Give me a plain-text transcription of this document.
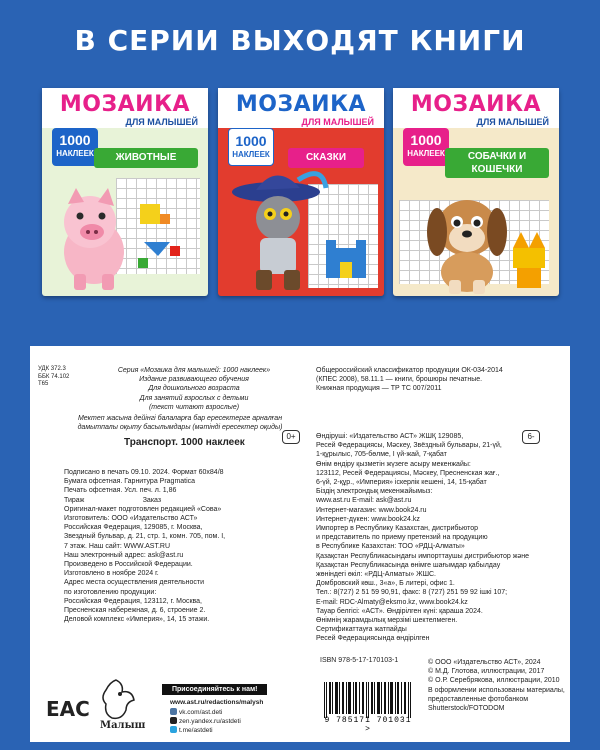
В СЕРИИ ВЫХОДЯТ КНИГИ
МОЗАИКА
ДЛЯ МАЛЫШЕЙ
1000
НАКЛЕЕК	ЖИВОТНЫЕ
МОЗАИКА
ДЛЯ МАЛЫШЕЙ
1000
НАКЛЕЕК	СКАЗКИ
МОЗАИКА
ДЛЯ МАЛЫШЕЙ
1000
НАКЛЕЕК	СОБАЧКИ И КОШЕЧКИ
УДК 372.3
ББК 74.102
Т65
Серия «Мозаика для малышей: 1000 наклеек»
Издание развивающего обучения
Для дошкольного возраста
Для занятий взрослых с детьми
(текст читают взрослые)
Мектеп жасына дейінгі балаларға бар ересектерге арналған
дамытпалы оқыту басылымдары (мәтінді ересектер оқиды)
0+
Транспорт. 1000 наклеек
Подписано в печать 09.10. 2024. Формат 60x84/8
Бумага офсетная. Гарнитура Pragmatica
Печать офсетная. Усл. печ. л. 1,86
Тираж                              Заказ
Оригинал-макет подготовлен редакцией «Сова»
Изготовитель: ООО «Издательство АСТ»
Российская Федерация, 129085, г. Москва,
Звездный бульвар, д. 21, стр. 1, комн. 705, пом. I,
7 этаж. Наш сайт: WWW.AST.RU
Наш электронный адрес: ask@ast.ru
Произведено в Российской Федерации.
Изготовлено в ноябре 2024 г.
Адрес места осуществления деятельности
по изготовлению продукции:
Российская Федерация, 123112, г. Москва,
Пресненская набережная, д. 6, строение 2.
Деловой комплекс «Империя», 14, 15 этажи.
Общероссийский классификатор продукции ОК-034-2014
(КПЕС 2008), 58.11.1 — книги, брошюры печатные.
Книжная продукция — ТР ТС 007/2011
6-
Өндіруші: «Издательство АСТ» ЖШҚ 129085,
Ресей Федерациясы, Мәскеу, Звёздный бульвары, 21-үй,
1-құрылыс, 705-бөлме, I үй-жай, 7-қабат
Өнім өндіру қызметін жүзеге асыру мекенжайы:
123112, Ресей Федерациясы, Мәскеу, Пресненская жағ.,
6-үй, 2-құр., «Империя» іскерлік кешені, 14, 15-қабат
Біздің электрондық мекенжайымыз:
www.ast.ru E-mail: ask@ast.ru
Интернет-магазин: www.book24.ru
Интернет-дүкен: www.book24.kz
Импортер в Республику Казахстан, дистрибьютор
и представитель по приему претензий на продукцию
в Республике Казахстан: ТОО «РДЦ-Алматы»
Қазақстан Республикасындағы импорттаушы дистрибьютор және
Қазақстан Республикасында өнімге шағымдар қабылдау
жөніндегі өкіл: «РДЦ-Алматы» ЖШС.
Домбровский көш., 3«а», Б литері, офис 1.
Тел.: 8(727) 2 51 59 90,91, факс: 8 (727) 251 59 92 ішкі 107;
E-mail: RDC-Almaty@eksmo.kz, www.book24.kz
Тауар белгісі: «АСТ». Өндірілген күні: қараша 2024.
Өнімнің жарамдылық мерзімі шектелмеген.
Сертификаттауға жатпайды
Ресей Федерациясында өндірілген
ISBN 978-5-17-170103-1	© ООО «Издательство АСТ», 2024
© М.Д. Глотова, иллюстрации, 2017
© О.Р. Серебрякова, иллюстрации, 2010
В оформлении использованы материалы,
предоставленные фотобанком
Shutterstock/FOTODOM
9 785171 701031 >
EAC
Малыш
Присоединяйтесь к нам!
www.ast.ru/redactions/malysh
vk.com/ast.deti
zen.yandex.ru/astdeti
t.me/astdeti
